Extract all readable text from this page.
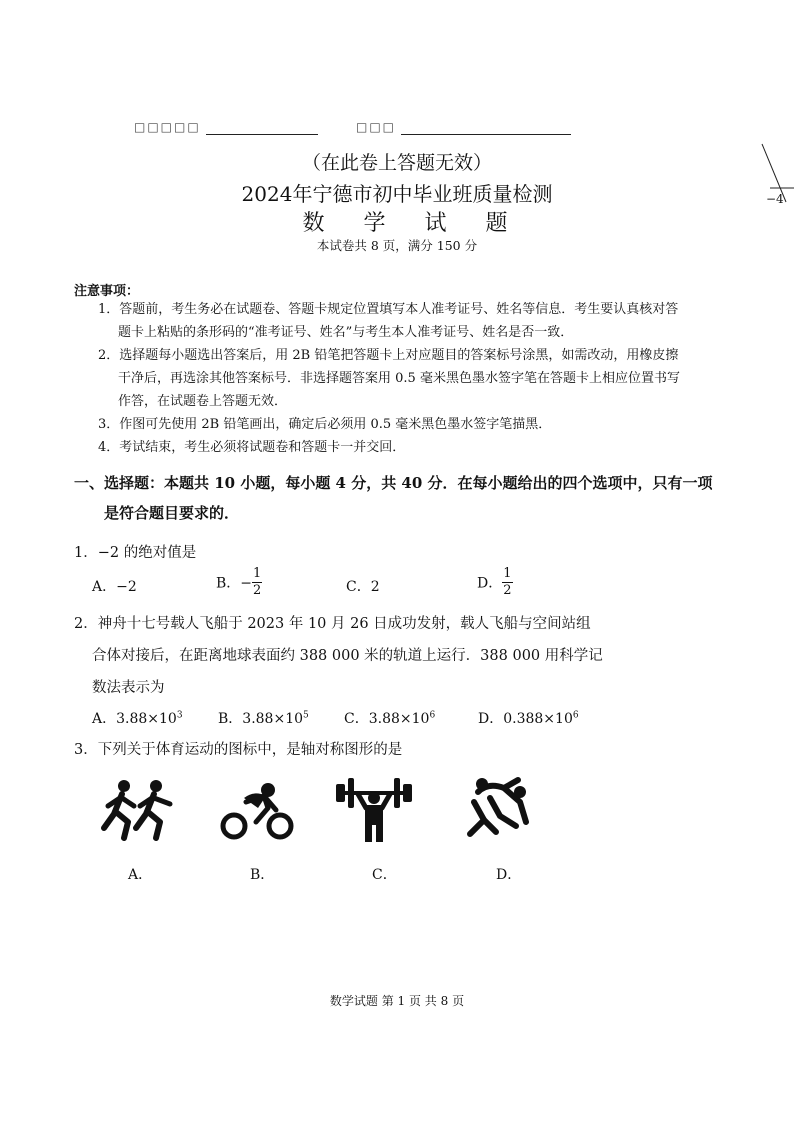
□□□□□	□□□
−4
（在此卷上答题无效）
2024年宁德市初中毕业班质量检测
数 学 试 题
本试卷共 8 页，满分 150 分
注意事项：
1．答题前，考生务必在试题卷、答题卡规定位置填写本人准考证号、姓名等信息．考生要认真核对答
题卡上粘贴的条形码的“准考证号、姓名”与考生本人准考证号、姓名是否一致．
2．选择题每小题选出答案后，用 2B 铅笔把答题卡上对应题目的答案标号涂黑，如需改动，用橡皮擦
干净后，再选涂其他答案标号．非选择题答案用 0.5 毫米黑色墨水签字笔在答题卡上相应位置书写
作答，在试题卷上答题无效．
3．作图可先使用 2B 铅笔画出，确定后必须用 0.5 毫米黑色墨水签字笔描黑．
4．考试结束，考生必须将试题卷和答题卡一并交回．
一、选择题：本题共 10 小题，每小题 4 分，共 40 分．在每小题给出的四个选项中，只有一项
是符合题目要求的．
1．−2 的绝对值是
A．−2	B．− $\frac{1}{2}$	C．2	D． $\frac{1}{2}$
2．神舟十七号载人飞船于 2023 年 10 月 26 日成功发射，载人飞船与空间站组
合体对接后，在距离地球表面约 388 000 米的轨道上运行．388 000 用科学记
数法表示为
A．$3.88\times 10^3$	B．$3.88\times 10^5$	C．$3.88\times 10^6$	D．$0.388\times 10^6$
3．下列关于体育运动的图标中，是轴对称图形的是
A．	B．	C．	D．
数学试题 第 1 页 共 8 页
